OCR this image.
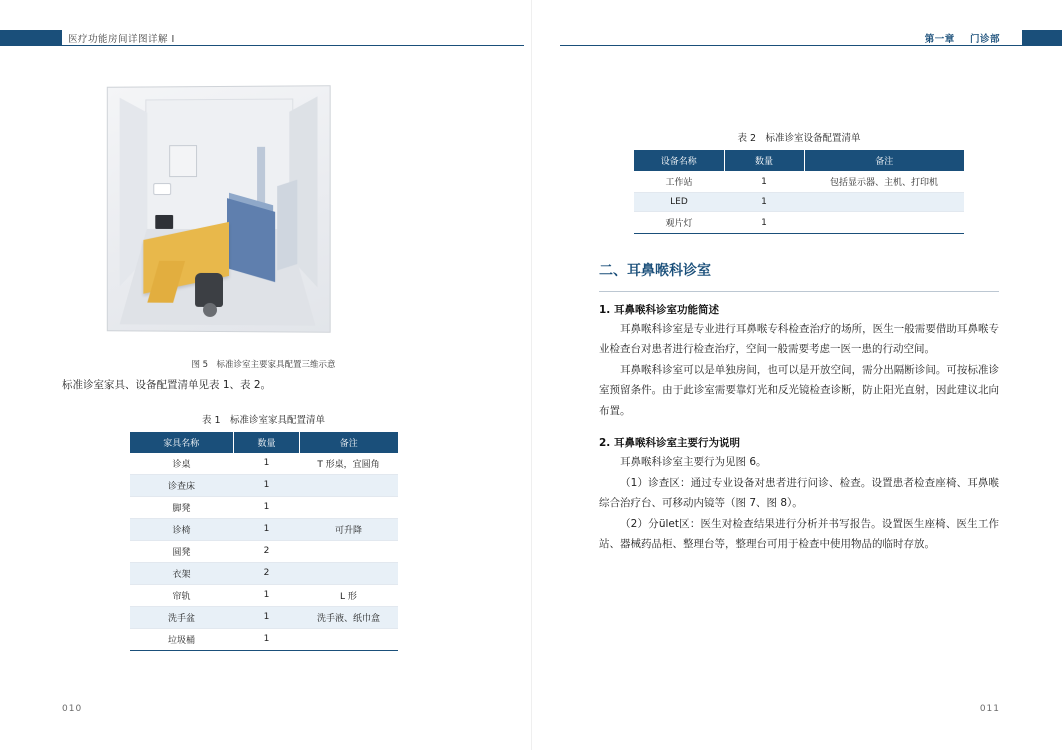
医疗功能房间详图详解 I	第一章 门诊部
图 5　标准诊室主要家具配置三维示意
标准诊室家具、设备配置清单见表 1、表 2。
表 1　标准诊室家具配置清单
家具名称	数量	备注
诊桌	1	T 形桌，宜圆角
诊查床	1	
脚凳	1	
诊椅	1	可升降
圆凳	2	
衣架	2	
帘轨	1	L 形
洗手盆	1	洗手液、纸巾盒
垃圾桶	1	
010
表 2　标准诊室设备配置清单
设备名称	数量	备注
工作站	1	包括显示器、主机、打印机
LED	1	
观片灯	1	
二、耳鼻喉科诊室
1. 耳鼻喉科诊室功能简述

耳鼻喉科诊室是专业进行耳鼻喉专科检查治疗的场所，医生一般需要借助耳鼻喉专业检查台对患者进行检查治疗，空间一般需要考虑一医一患的行动空间。

耳鼻喉科诊室可以是单独房间，也可以是开放空间，需分出隔断诊间。可按标准诊室预留条件。由于此诊室需要靠灯光和反光镜检查诊断，防止阳光直射，因此建议北向布置。

2. 耳鼻喉科诊室主要行为说明

耳鼻喉科诊室主要行为见图 6。

（1）诊查区：通过专业设备对患者进行问诊、检查。设置患者检查座椅、耳鼻喉综合治疗台、可移动内镜等（图 7、图 8）。

（2）分ület区：医生对检查结果进行分析并书写报告。设置医生座椅、医生工作站、器械药品柜、整理台等，整理台可用于检查中使用物品的临时存放。

011
